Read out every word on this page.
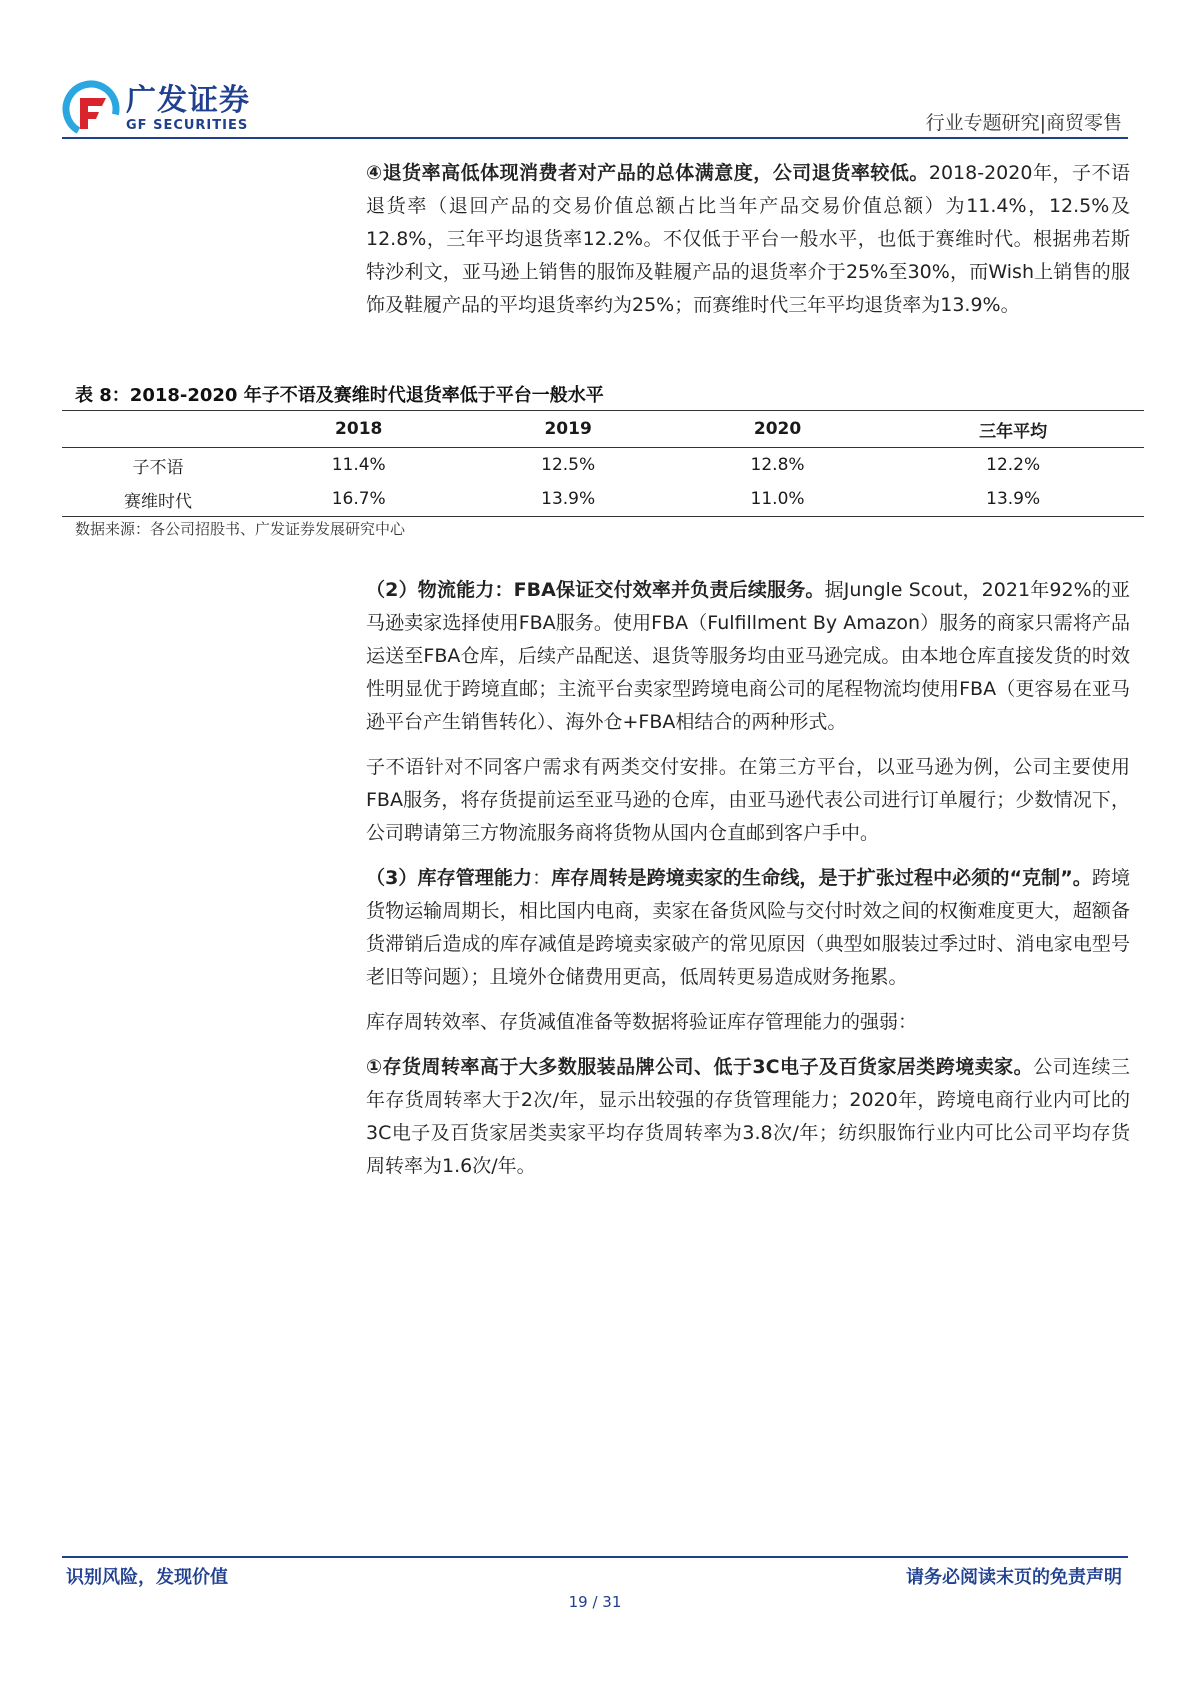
广发证券
GF SECURITIES	行业专题研究|商贸零售

④退货率高低体现消费者对产品的总体满意度，公司退货率较低。2018-2020年，子不语退货率（退回产品的交易价值总额占比当年产品交易价值总额）为11.4%，12.5%及12.8%，三年平均退货率12.2%。不仅低于平台一般水平，也低于赛维时代。根据弗若斯特沙利文，亚马逊上销售的服饰及鞋履产品的退货率介于25%至30%，而Wish上销售的服饰及鞋履产品的平均退货率约为25%；而赛维时代三年平均退货率为13.9%。

表 8：2018-2020 年子不语及赛维时代退货率低于平台一般水平
	2018	2019	2020	三年平均
子不语	11.4%	12.5%	12.8%	12.2%
赛维时代	16.7%	13.9%	11.0%	13.9%
数据来源：各公司招股书、广发证券发展研究中心

（2）物流能力：FBA保证交付效率并负责后续服务。据Jungle Scout，2021年92%的亚马逊卖家选择使用FBA服务。使用FBA（Fulfillment By Amazon）服务的商家只需将产品运送至FBA仓库，后续产品配送、退货等服务均由亚马逊完成。由本地仓库直接发货的时效性明显优于跨境直邮；主流平台卖家型跨境电商公司的尾程物流均使用FBA（更容易在亚马逊平台产生销售转化）、海外仓+FBA相结合的两种形式。

子不语针对不同客户需求有两类交付安排。在第三方平台，以亚马逊为例，公司主要使用FBA服务，将存货提前运至亚马逊的仓库，由亚马逊代表公司进行订单履行；少数情况下，公司聘请第三方物流服务商将货物从国内仓直邮到客户手中。

（3）库存管理能力：库存周转是跨境卖家的生命线，是于扩张过程中必须的“克制”。跨境货物运输周期长，相比国内电商，卖家在备货风险与交付时效之间的权衡难度更大，超额备货滞销后造成的库存减值是跨境卖家破产的常见原因（典型如服装过季过时、消电家电型号老旧等问题）；且境外仓储费用更高，低周转更易造成财务拖累。

库存周转效率、存货减值准备等数据将验证库存管理能力的强弱：

①存货周转率高于大多数服装品牌公司、低于3C电子及百货家居类跨境卖家。公司连续三年存货周转率大于2次/年，显示出较强的存货管理能力；2020年，跨境电商行业内可比的3C电子及百货家居类卖家平均存货周转率为3.8次/年；纺织服饰行业内可比公司平均存货周转率为1.6次/年。

识别风险，发现价值	请务必阅读末页的免责声明
19 / 31
